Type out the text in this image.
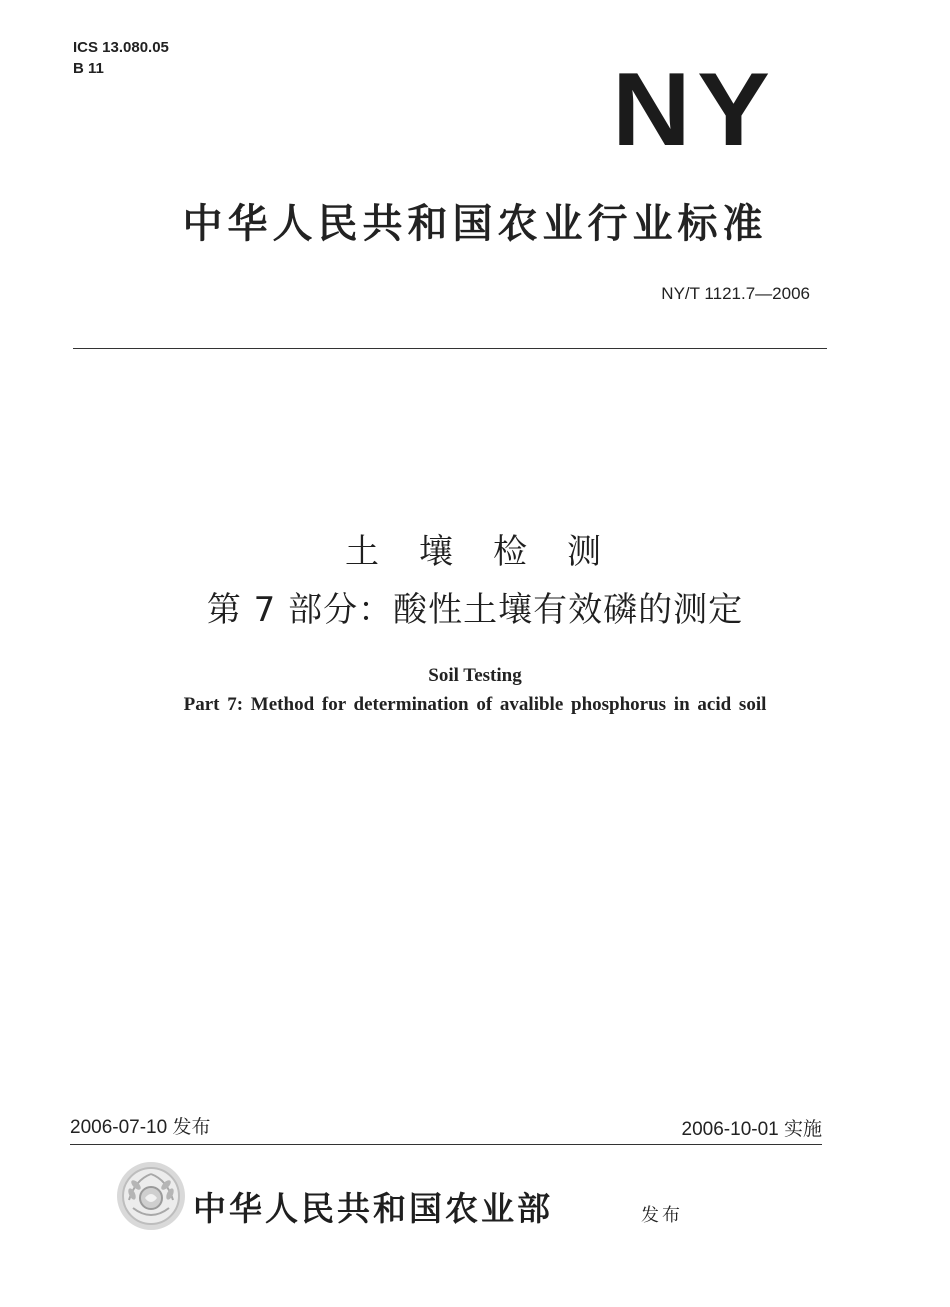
ICS 13.080.05
B 11	NY
中华人民共和国农业行业标准
NY/T 1121.7—2006
土 壤 检 测
第 7 部分：酸性土壤有效磷的测定
Soil Testing
Part 7: Method for determination of avalible phosphorus in acid soil
2006-07-10 发布	2006-10-01 实施
中华人民共和国农业部	发布
